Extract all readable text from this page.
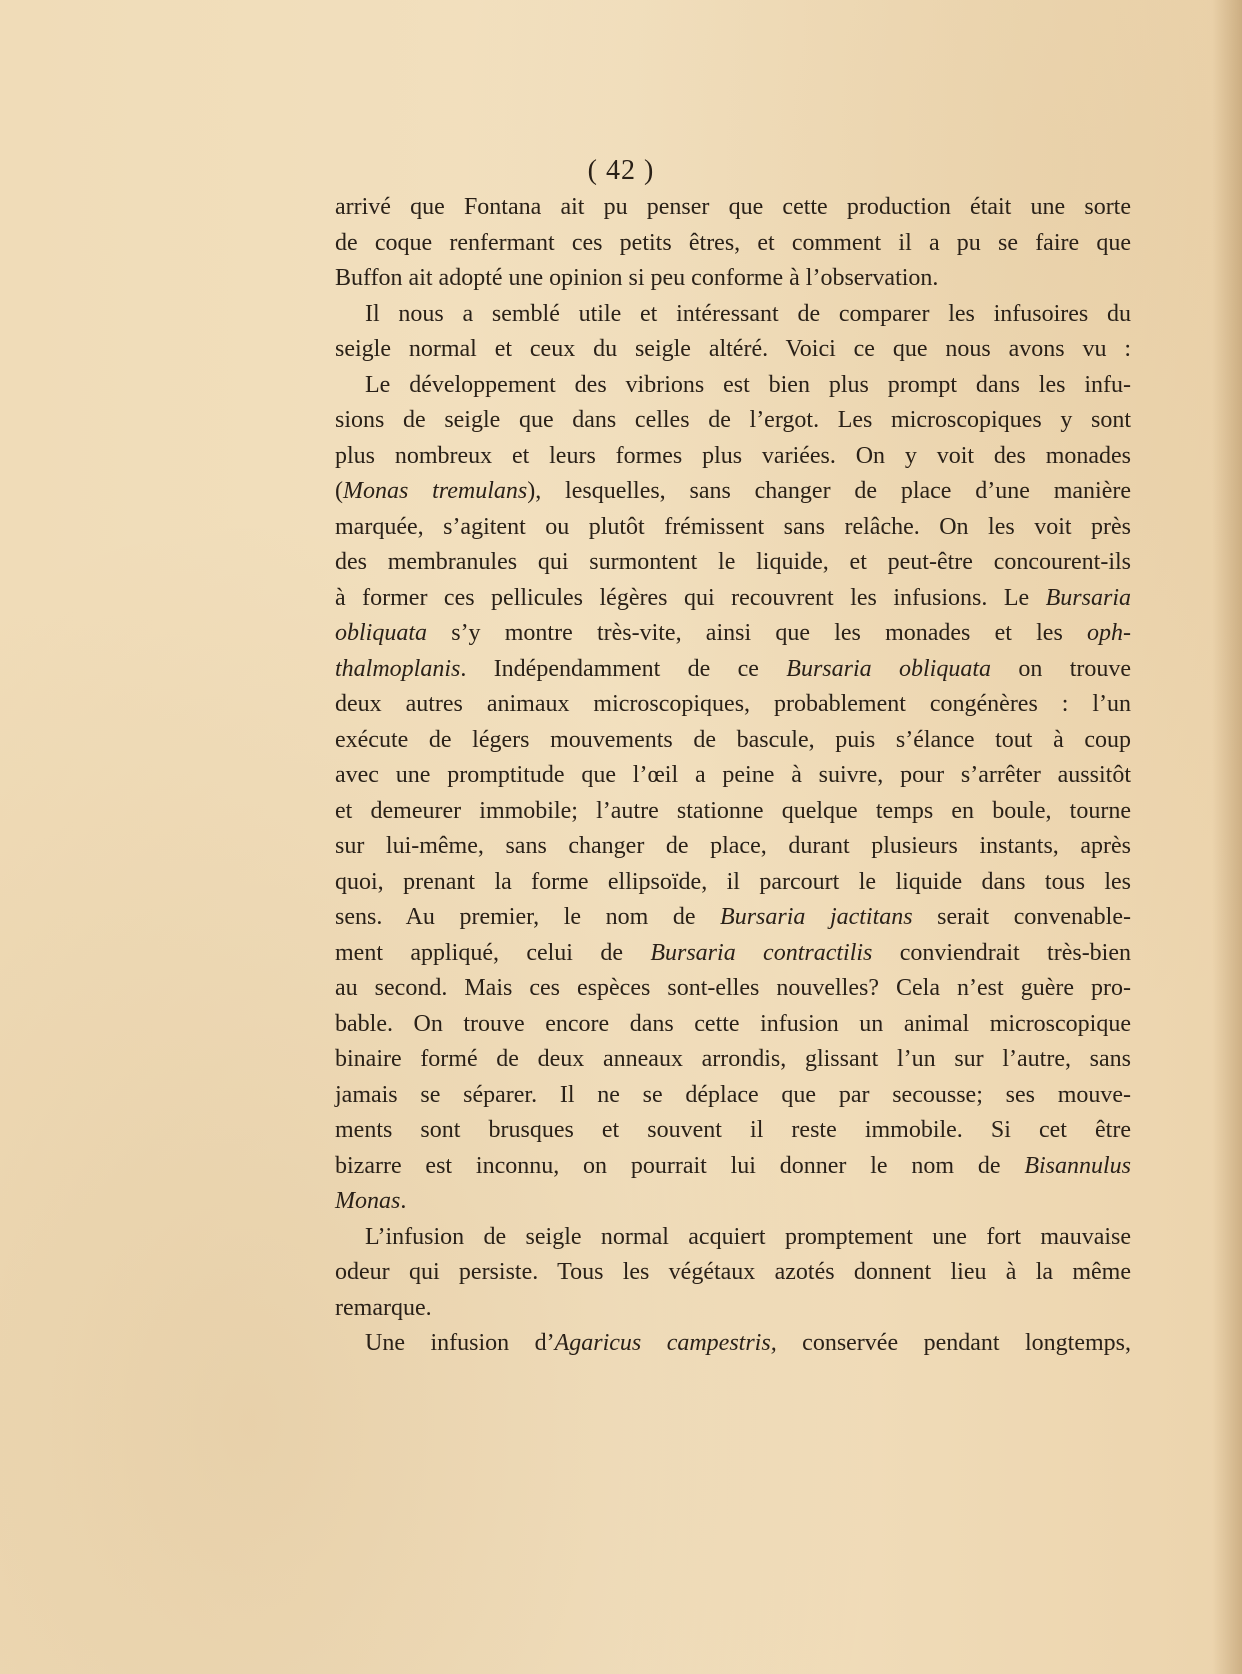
( 42 )
arrivé que Fontana ait pu penser que cette production était une sorte
de coque renfermant ces petits êtres, et comment il a pu se faire que
Buffon ait adopté une opinion si peu conforme à l’observation.
Il nous a semblé utile et intéressant de comparer les infusoires du
seigle normal et ceux du seigle altéré. Voici ce que nous avons vu :
Le développement des vibrions est bien plus prompt dans les infu-
sions de seigle que dans celles de l’ergot. Les microscopiques y sont
plus nombreux et leurs formes plus variées. On y voit des monades
(Monas tremulans), lesquelles, sans changer de place d’une manière
marquée, s’agitent ou plutôt frémissent sans relâche. On les voit près
des membranules qui surmontent le liquide, et peut-être concourent-ils
à former ces pellicules légères qui recouvrent les infusions. Le Bursaria
obliquata s’y montre très-vite, ainsi que les monades et les oph-
thalmoplanis. Indépendamment de ce Bursaria obliquata on trouve
deux autres animaux microscopiques, probablement congénères : l’un
exécute de légers mouvements de bascule, puis s’élance tout à coup
avec une promptitude que l’œil a peine à suivre, pour s’arrêter aussitôt
et demeurer immobile; l’autre stationne quelque temps en boule, tourne
sur lui-même, sans changer de place, durant plusieurs instants, après
quoi, prenant la forme ellipsoïde, il parcourt le liquide dans tous les
sens. Au premier, le nom de Bursaria jactitans serait convenable-
ment appliqué, celui de Bursaria contractilis conviendrait très-bien
au second. Mais ces espèces sont-elles nouvelles? Cela n’est guère pro-
bable. On trouve encore dans cette infusion un animal microscopique
binaire formé de deux anneaux arrondis, glissant l’un sur l’autre, sans
jamais se séparer. Il ne se déplace que par secousse; ses mouve-
ments sont brusques et souvent il reste immobile. Si cet être
bizarre est inconnu, on pourrait lui donner le nom de Bisannulus
Monas.
L’infusion de seigle normal acquiert promptement une fort mauvaise
odeur qui persiste. Tous les végétaux azotés donnent lieu à la même
remarque.
Une infusion d’Agaricus campestris, conservée pendant longtemps,
